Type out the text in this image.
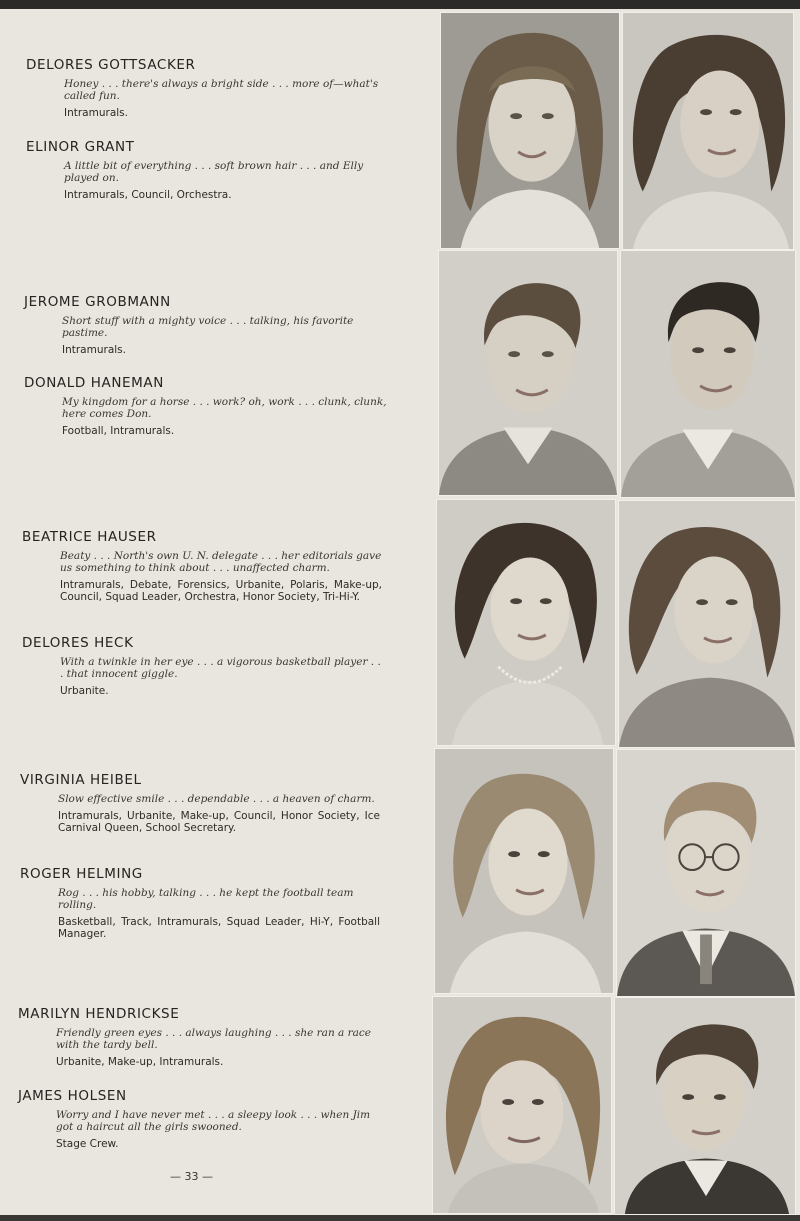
DELORES GOTTSACKER

Honey . . . there's always a bright side . . . more of—what's called fun.

Intramurals.

ELINOR GRANT

A little bit of everything . . . soft brown hair . . . and Elly played on.

Intramurals, Council, Orchestra.

JEROME GROBMANN

Short stuff with a mighty voice . . . talking, his favorite pastime.

Intramurals.

DONALD HANEMAN

My kingdom for a horse . . . work? oh, work . . . clunk, clunk, here comes Don.

Football, Intramurals.

BEATRICE HAUSER

Beaty . . . North's own U. N. delegate . . . her editorials gave us something to think about . . . unaffected charm.

Intramurals, Debate, Forensics, Urbanite, Polaris, Make-up, Council, Squad Leader, Orchestra, Honor Society, Tri-Hi-Y.

DELORES HECK

With a twinkle in her eye . . . a vigorous basketball player . . . that innocent giggle.

Urbanite.

VIRGINIA HEIBEL

Slow effective smile . . . dependable . . . a heaven of charm.

Intramurals, Urbanite, Make-up, Council, Honor Society, Ice Carnival Queen, School Secretary.

ROGER HELMING

Rog . . . his hobby, talking . . . he kept the football team rolling.

Basketball, Track, Intramurals, Squad Leader, Hi-Y, Football Manager.

MARILYN HENDRICKSE

Friendly green eyes . . . always laughing . . . she ran a race with the tardy bell.

Urbanite, Make-up, Intramurals.

JAMES HOLSEN

Worry and I have never met . . . a sleepy look . . . when Jim got a haircut all the girls swooned.

Stage Crew.

— 33 —
